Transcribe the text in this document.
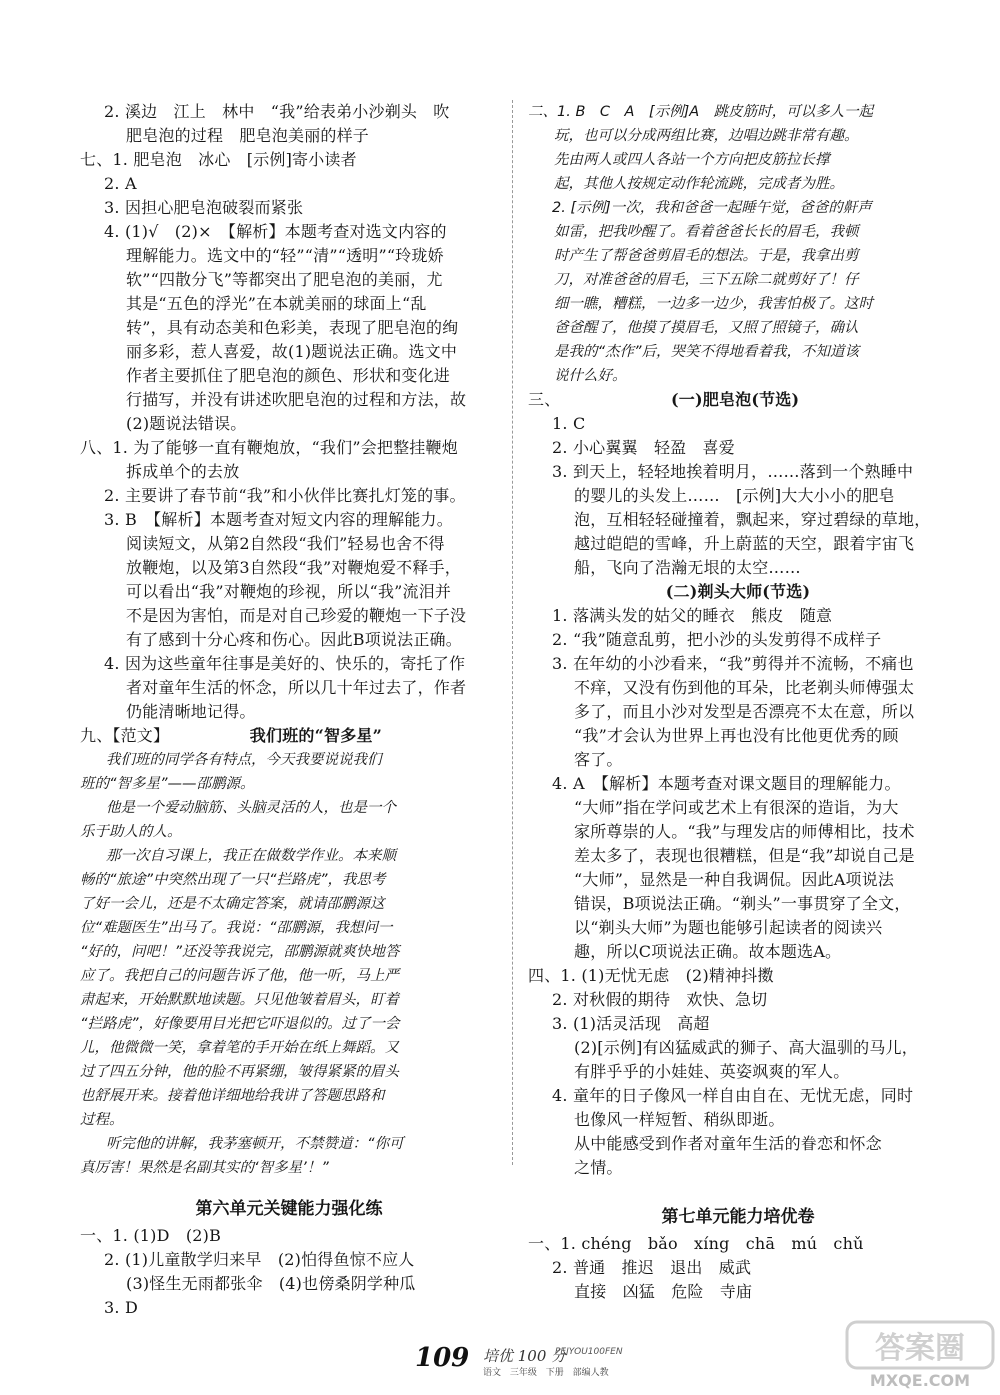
2. 溪边　江上　林中　“我”给表弟小沙剃头　吹
肥皂泡的过程　肥皂泡美丽的样子
七、1. 肥皂泡　冰心　[示例]寄小读者
2. A
3. 因担心肥皂泡破裂而紧张
4. (1)√　(2)×　【解析】本题考查对选文内容的
理解能力。选文中的“轻”“清”“透明”“玲珑娇
软”“四散分飞”等都突出了肥皂泡的美丽，尤
其是“五色的浮光”在本就美丽的球面上“乱
转”，具有动态美和色彩美，表现了肥皂泡的绚
丽多彩，惹人喜爱，故(1)题说法正确。选文中
作者主要抓住了肥皂泡的颜色、形状和变化进
行描写，并没有讲述吹肥皂泡的过程和方法，故
(2)题说法错误。
八、1. 为了能够一直有鞭炮放，“我们”会把整挂鞭炮
拆成单个的去放
2. 主要讲了春节前“我”和小伙伴比赛扎灯笼的事。
3. B　【解析】本题考查对短文内容的理解能力。
阅读短文，从第2自然段“我们”轻易也舍不得
放鞭炮，以及第3自然段“我”对鞭炮爱不释手，
可以看出“我”对鞭炮的珍视，所以“我”流泪并
不是因为害怕，而是对自己珍爱的鞭炮一下子没
有了感到十分心疼和伤心。因此B项说法正确。
4. 因为这些童年往事是美好的、快乐的，寄托了作
者对童年生活的怀念，所以几十年过去了，作者
仍能清晰地记得。
九、【范文】	我们班的“智多星”
我们班的同学各有特点，今天我要说说我们
班的“智多星”——邵鹏源。
他是一个爱动脑筋、头脑灵活的人，也是一个
乐于助人的人。
那一次自习课上，我正在做数学作业。本来顺
畅的“旅途”中突然出现了一只“拦路虎”，我思考
了好一会儿，还是不太确定答案，就请邵鹏源这
位“难题医生”出马了。我说：“邵鹏源，我想问一
“好的，问吧！”还没等我说完，邵鹏源就爽快地答
应了。我把自己的问题告诉了他，他一听，马上严
肃起来，开始默默地读题。只见他皱着眉头，盯着
“拦路虎”，好像要用目光把它吓退似的。过了一会
儿，他微微一笑，拿着笔的手开始在纸上舞蹈。又
过了四五分钟，他的脸不再紧绷，皱得紧紧的眉头
也舒展开来。接着他详细地给我讲了答题思路和
过程。
听完他的讲解，我茅塞顿开，不禁赞道：“你可
真厉害！果然是名副其实的‘智多星’！”
第六单元关键能力强化练
一、1. (1)D　(2)B
2. (1)儿童散学归来早　(2)怕得鱼惊不应人
(3)怪生无雨都张伞　(4)也傍桑阴学种瓜
3. D
二、1. B　C　A　[示例]A　跳皮筋时，可以多人一起
玩，也可以分成两组比赛，边唱边跳非常有趣。
先由两人或四人各站一个方向把皮筋拉长撑
起，其他人按规定动作轮流跳，完成者为胜。
2. [示例]一次，我和爸爸一起睡午觉，爸爸的鼾声
如雷，把我吵醒了。看着爸爸长长的眉毛，我顿
时产生了帮爸爸剪眉毛的想法。于是，我拿出剪
刀，对准爸爸的眉毛，三下五除二就剪好了！仔
细一瞧，糟糕，一边多一边少，我害怕极了。这时
爸爸醒了，他摸了摸眉毛，又照了照镜子，确认
是我的“杰作”后，哭笑不得地看着我，不知道该
说什么好。
三、	(一)肥皂泡(节选)
1. C
2. 小心翼翼　轻盈　喜爱
3. 到天上，轻轻地挨着明月，……落到一个熟睡中
的婴儿的头发上……　[示例]大大小小的肥皂
泡，互相轻轻碰撞着，飘起来，穿过碧绿的草地，
越过皑皑的雪峰，升上蔚蓝的天空，跟着宇宙飞
船，飞向了浩瀚无垠的太空……
(二)剃头大师(节选)
1. 落满头发的姑父的睡衣　熊皮　随意
2. “我”随意乱剪，把小沙的头发剪得不成样子
3. 在年幼的小沙看来，“我”剪得并不流畅，不痛也
不痒，又没有伤到他的耳朵，比老剃头师傅强太
多了，而且小沙对发型是否漂亮不太在意，所以
“我”才会认为世界上再也没有比他更优秀的顾
客了。
4. A　【解析】本题考查对课文题目的理解能力。
“大师”指在学问或艺术上有很深的造诣，为大
家所尊崇的人。“我”与理发店的师傅相比，技术
差太多了，表现也很糟糕，但是“我”却说自己是
“大师”，显然是一种自我调侃。因此A项说法
错误，B项说法正确。“剃头”一事贯穿了全文，
以“剃头大师”为题也能够引起读者的阅读兴
趣，所以C项说法正确。故本题选A。
四、1. (1)无忧无虑　(2)精神抖擞
2. 对秋假的期待　欢快、急切
3. (1)活灵活现　高超
(2)[示例]有凶猛威武的狮子、高大温驯的马儿，
有胖乎乎的小娃娃、英姿飒爽的军人。
4. 童年的日子像风一样自由自在、无忧无虑，同时
也像风一样短暂、稍纵即逝。
从中能感受到作者对童年生活的眷恋和怀念
之情。
第七单元能力培优卷
一、1. chéng　bǎo　xíng　chā　mú　chǔ
2. 普通　推迟　退出　威武
直接　凶猛　危险　寺庙
109 培优 100 分
PEIYOU100FEN
语文 三年级 下册 部编人教
答案圈
MXQE.COM
